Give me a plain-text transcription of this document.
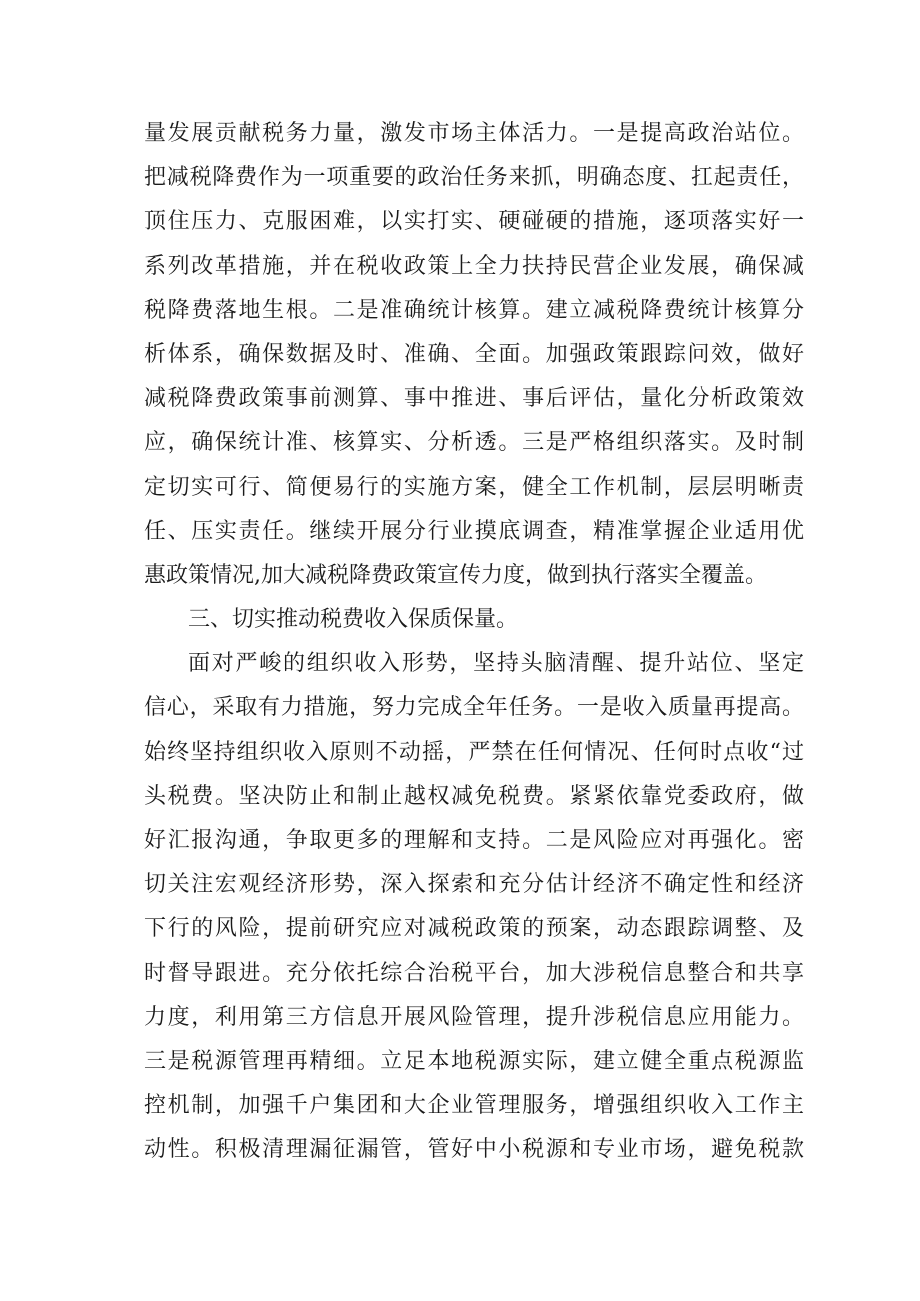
量发展贡献税务力量，激发市场主体活力。一是提高政治站位。
把减税降费作为一项重要的政治任务来抓，明确态度、扛起责任，
顶住压力、克服困难，以实打实、硬碰硬的措施，逐项落实好一
系列改革措施，并在税收政策上全力扶持民营企业发展，确保减
税降费落地生根。二是准确统计核算。建立减税降费统计核算分
析体系，确保数据及时、准确、全面。加强政策跟踪问效，做好
减税降费政策事前测算、事中推进、事后评估，量化分析政策效
应，确保统计准、核算实、分析透。三是严格组织落实。及时制
定切实可行、简便易行的实施方案，健全工作机制，层层明晰责
任、压实责任。继续开展分行业摸底调查，精准掌握企业适用优
惠政策情况,加大减税降费政策宣传力度，做到执行落实全覆盖。
三、切实推动税费收入保质保量。
面对严峻的组织收入形势，坚持头脑清醒、提升站位、坚定
信心，采取有力措施，努力完成全年任务。一是收入质量再提高。
始终坚持组织收入原则不动摇，严禁在任何情况、任何时点收“过
头税费。坚决防止和制止越权减免税费。紧紧依靠党委政府，做
好汇报沟通，争取更多的理解和支持。二是风险应对再强化。密
切关注宏观经济形势，深入探索和充分估计经济不确定性和经济
下行的风险，提前研究应对减税政策的预案，动态跟踪调整、及
时督导跟进。充分依托综合治税平台，加大涉税信息整合和共享
力度，利用第三方信息开展风险管理，提升涉税信息应用能力。
三是税源管理再精细。立足本地税源实际，建立健全重点税源监
控机制，加强千户集团和大企业管理服务，增强组织收入工作主
动性。积极清理漏征漏管，管好中小税源和专业市场，避免税款
